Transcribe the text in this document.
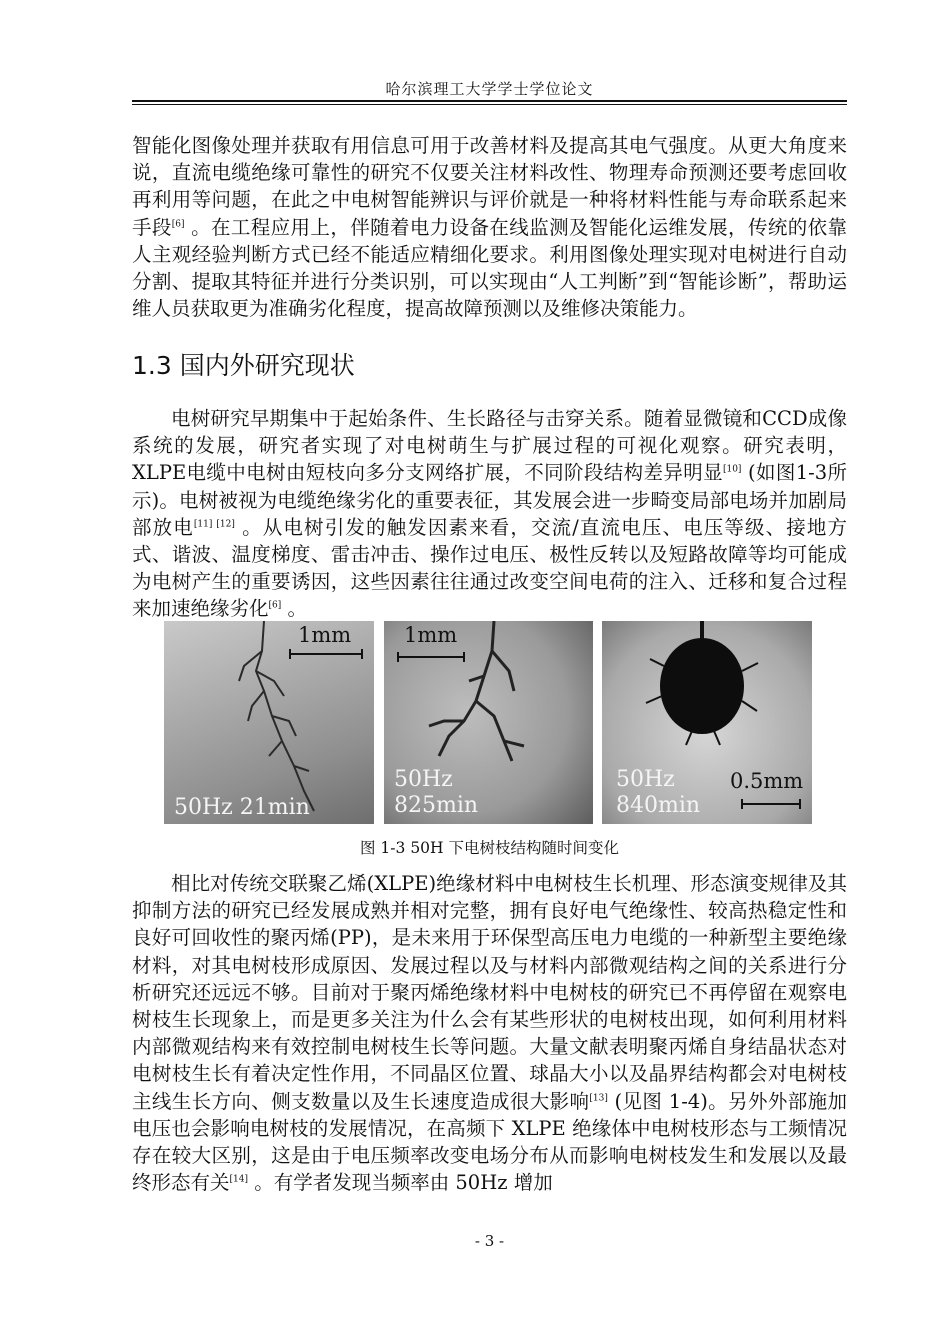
哈尔滨理工大学学士学位论文

智能化图像处理并获取有用信息可用于改善材料及提高其电气强度。从更大角度来说，直流电缆绝缘可靠性的研究不仅要关注材料改性、物理寿命预测还要考虑回收再利用等问题，在此之中电树智能辨识与评价就是一种将材料性能与寿命联系起来手段[6] 。在工程应用上，伴随着电力设备在线监测及智能化运维发展，传统的依靠人主观经验判断方式已经不能适应精细化要求。利用图像处理实现对电树进行自动分割、提取其特征并进行分类识别，可以实现由“人工判断”到“智能诊断”，帮助运维人员获取更为准确劣化程度，提高故障预测以及维修决策能力。

1.3 国内外研究现状

电树研究早期集中于起始条件、生长路径与击穿关系。随着显微镜和CCD成像系统的发展，研究者实现了对电树萌生与扩展过程的可视化观察。研究表明，XLPE电缆中电树由短枝向多分支网络扩展，不同阶段结构差异明显[10] (如图1-3所示)。电树被视为电缆绝缘劣化的重要表征，其发展会进一步畸变局部电场并加剧局部放电[11] [12] 。从电树引发的触发因素来看，交流/直流电压、电压等级、接地方式、谐波、温度梯度、雷击冲击、操作过电压、极性反转以及短路故障等均可能成为电树产生的重要诱因，这些因素往往通过改变空间电荷的注入、迁移和复合过程来加速绝缘劣化[6] 。

1mm
50Hz 21min
1mm
50Hz
825min
0.5mm
50Hz
840min
图 1-3 50H 下电树枝结构随时间变化

相比对传统交联聚乙烯(XLPE)绝缘材料中电树枝生长机理、形态演变规律及其抑制方法的研究已经发展成熟并相对完整，拥有良好电气绝缘性、较高热稳定性和良好可回收性的聚丙烯(PP)，是未来用于环保型高压电力电缆的一种新型主要绝缘材料，对其电树枝形成原因、发展过程以及与材料内部微观结构之间的关系进行分析研究还远远不够。目前对于聚丙烯绝缘材料中电树枝的研究已不再停留在观察电树枝生长现象上，而是更多关注为什么会有某些形状的电树枝出现，如何利用材料内部微观结构来有效控制电树枝生长等问题。大量文献表明聚丙烯自身结晶状态对电树枝生长有着决定性作用，不同晶区位置、球晶大小以及晶界结构都会对电树枝主线生长方向、侧支数量以及生长速度造成很大影响[13] (见图 1-4)。另外外部施加电压也会影响电树枝的发展情况，在高频下 XLPE 绝缘体中电树枝形态与工频情况存在较大区别，这是由于电压频率改变电场分布从而影响电树枝发生和发展以及最终形态有关[14] 。有学者发现当频率由 50Hz 增加

- 3 -
